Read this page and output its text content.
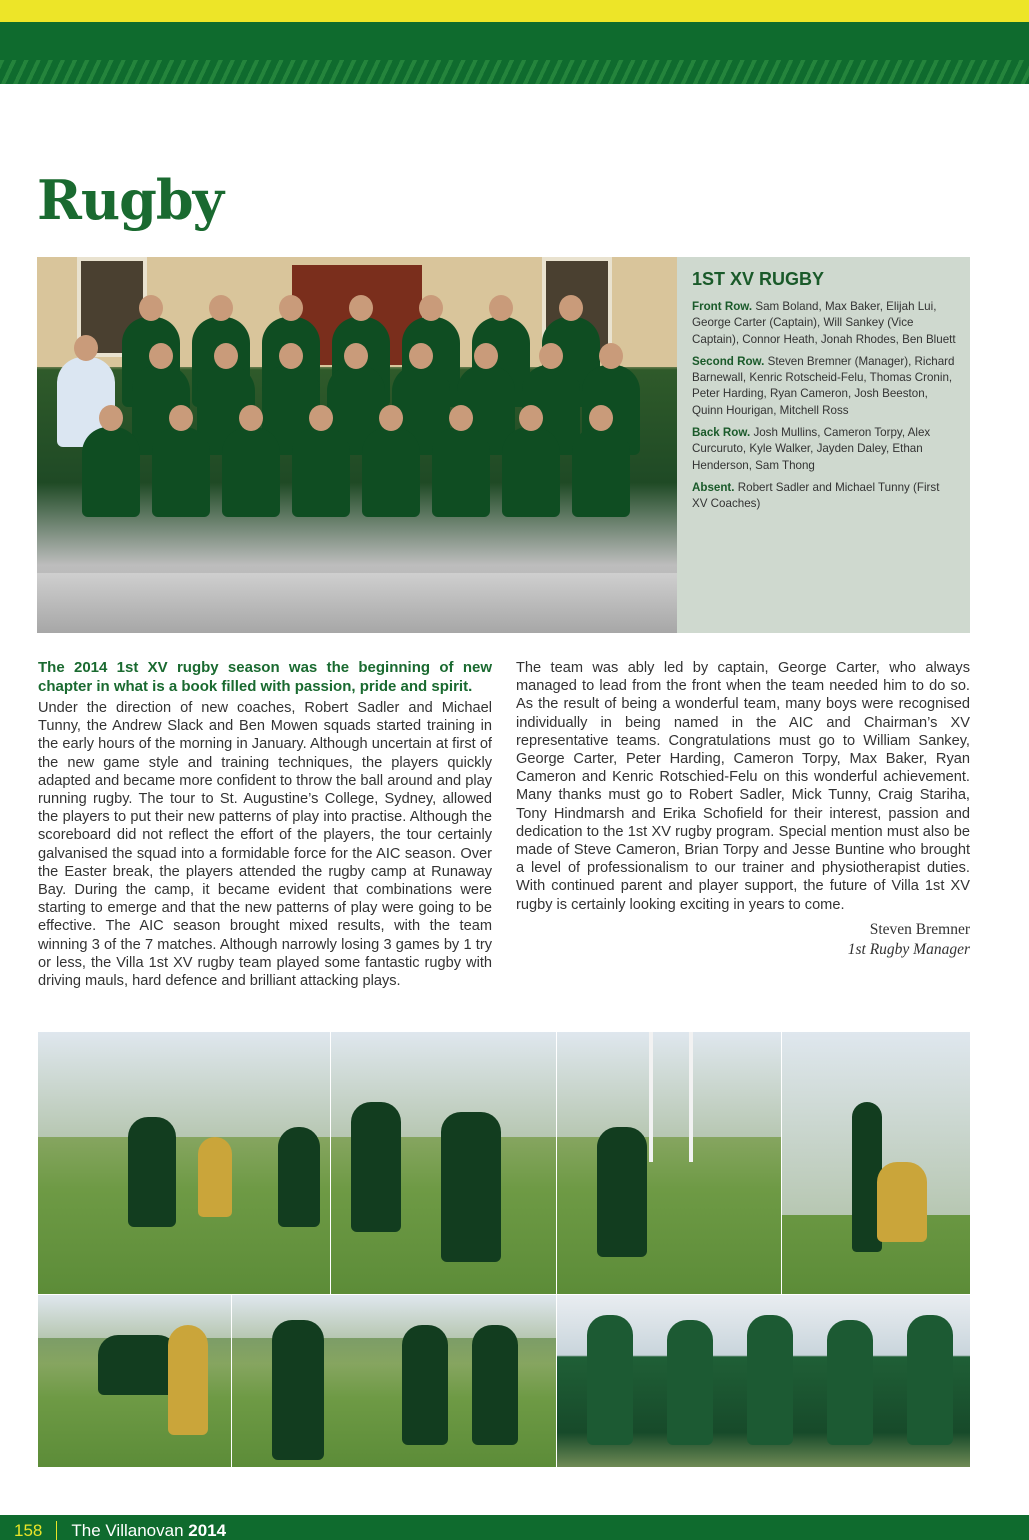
Rugby
1ST XV RUGBY

Front Row. Sam Boland, Max Baker, Elijah Lui, George Carter (Captain), Will Sankey (Vice Captain), Connor Heath, Jonah Rhodes, Ben Bluett

Second Row. Steven Bremner (Manager), Richard Barnewall, Kenric Rotscheid-Felu, Thomas Cronin, Peter Harding, Ryan Cameron, Josh Beeston, Quinn Hourigan, Mitchell Ross

Back Row. Josh Mullins, Cameron Torpy, Alex Curcuruto, Kyle Walker, Jayden Daley, Ethan Henderson, Sam Thong

Absent. Robert Sadler and Michael Tunny (First XV Coaches)

The 2014 1st XV rugby season was the beginning of new chapter in what is a book filled with passion, pride and spirit.

Under the direction of new coaches, Robert Sadler and Michael Tunny, the Andrew Slack and Ben Mowen squads started training in the early hours of the morning in January. Although uncertain at first of the new game style and training techniques, the players quickly adapted and became more confident to throw the ball around and play running rugby. The tour to St. Augustine’s College, Sydney, allowed the players to put their new patterns of play into practise. Although the scoreboard did not reflect the effort of the players, the tour certainly galvanised the squad into a formidable force for the AIC season. Over the Easter break, the players attended the rugby camp at Runaway Bay. During the camp, it became evident that combinations were starting to emerge and that the new patterns of play were going to be effective. The AIC season brought mixed results, with the team winning 3 of the 7 matches. Although narrowly losing 3 games by 1 try or less, the Villa 1st XV rugby team played some fantastic rugby with driving mauls, hard defence and brilliant attacking plays.

The team was ably led by captain, George Carter, who always managed to lead from the front when the team needed him to do so. As the result of being a wonderful team, many boys were recognised individually in being named in the AIC and Chairman’s XV representative teams. Congratulations must go to William Sankey, George Carter, Peter Harding, Cameron Torpy, Max Baker, Ryan Cameron and Kenric Rotschied-Felu on this wonderful achievement. Many thanks must go to Robert Sadler, Mick Tunny, Craig Stariha, Tony Hindmarsh and Erika Schofield for their interest, passion and dedication to the 1st XV rugby program. Special mention must also be made of Steve Cameron, Brian Torpy and Jesse Buntine who brought a level of professionalism to our trainer and physiotherapist duties. With continued parent and player support, the future of Villa 1st XV rugby is certainly looking exciting in years to come.

Steven Bremner
1st Rugby Manager
158 The Villanovan 2014
